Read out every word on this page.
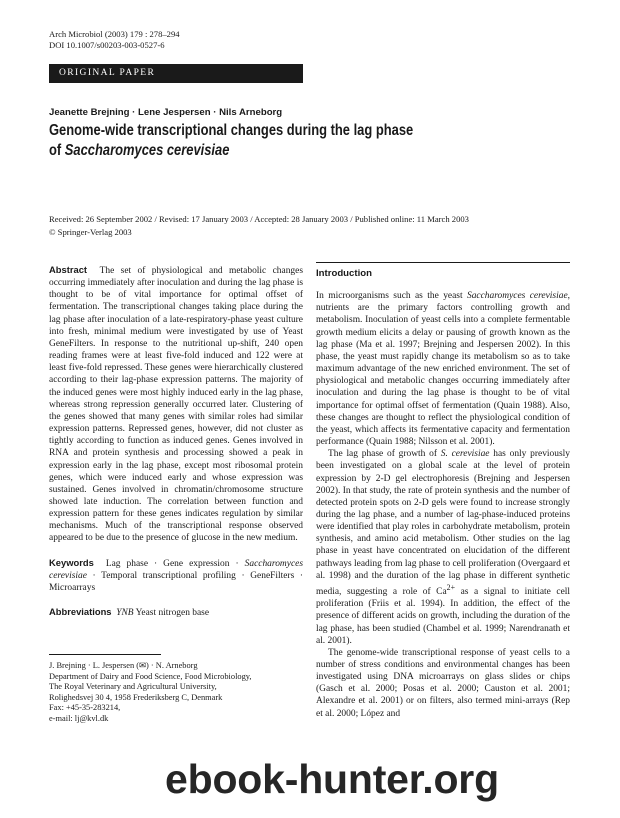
Arch Microbiol (2003) 179 : 278–294
DOI 10.1007/s00203-003-0527-6
ORIGINAL PAPER
Jeanette Brejning · Lene Jespersen · Nils Arneborg
Genome-wide transcriptional changes during the lag phase
of Saccharomyces cerevisiae
Received: 26 September 2002 / Revised: 17 January 2003 / Accepted: 28 January 2003 / Published online: 11 March 2003
© Springer-Verlag 2003

Abstract The set of physiological and metabolic changes occurring immediately after inoculation and during the lag phase is thought to be of vital importance for optimal offset of fermentation. The transcriptional changes taking place during the lag phase after inoculation of a late-respiratory-phase yeast culture into fresh, minimal medium were investigated by use of Yeast GeneFilters. In response to the nutritional up-shift, 240 open reading frames were at least five-fold induced and 122 were at least five-fold repressed. These genes were hierarchically clustered according to their lag-phase expression patterns. The majority of the induced genes were most highly induced early in the lag phase, whereas strong repression generally occurred later. Clustering of the genes showed that many genes with similar roles had similar expression patterns. Repressed genes, however, did not cluster as tightly according to function as induced genes. Genes involved in RNA and protein synthesis and processing showed a peak in expression early in the lag phase, except most ribosomal protein genes, which were induced early and whose expression was sustained. Genes involved in chromatin/chromosome structure showed late induction. The correlation between function and expression pattern for these genes indicates regulation by similar mechanisms. Much of the transcriptional response observed appeared to be due to the presence of glucose in the new medium.

Keywords Lag phase · Gene expression · Saccharomyces cerevisiae · Temporal transcriptional profiling · GeneFilters · Microarrays

Abbreviations YNB Yeast nitrogen base

J. Brejning · L. Jespersen (✉) · N. Arneborg
Department of Dairy and Food Science, Food Microbiology,
The Royal Veterinary and Agricultural University,
Rolighedsvej 30 4, 1958 Frederiksberg C, Denmark
Fax: +45-35-283214,
e-mail: lj@kvl.dk
Introduction

In microorganisms such as the yeast Saccharomyces cerevisiae, nutrients are the primary factors controlling growth and metabolism. Inoculation of yeast cells into a complete fermentable growth medium elicits a delay or pausing of growth known as the lag phase (Ma et al. 1997; Brejning and Jespersen 2002). In this phase, the yeast must rapidly change its metabolism so as to take maximum advantage of the new enriched environment. The set of physiological and metabolic changes occurring immediately after inoculation and during the lag phase is thought to be of vital importance for optimal offset of fermentation (Quain 1988). Also, these changes are thought to reflect the physiological condition of the yeast, which affects its fermentative capacity and fermentation performance (Quain 1988; Nilsson et al. 2001).

The lag phase of growth of S. cerevisiae has only previously been investigated on a global scale at the level of protein expression by 2-D gel electrophoresis (Brejning and Jespersen 2002). In that study, the rate of protein synthesis and the number of detected protein spots on 2-D gels were found to increase strongly during the lag phase, and a number of lag-phase-induced proteins were identified that play roles in carbohydrate metabolism, protein synthesis, and amino acid metabolism. Other studies on the lag phase in yeast have concentrated on elucidation of the different pathways leading from lag phase to cell proliferation (Overgaard et al. 1998) and the duration of the lag phase in different synthetic media, suggesting a role of $Ca^{2+}$ as a signal to initiate cell proliferation (Friis et al. 1994). In addition, the effect of the presence of different acids on growth, including the duration of the lag phase, has been studied (Chambel et al. 1999; Narendranath et al. 2001).

The genome-wide transcriptional response of yeast cells to a number of stress conditions and environmental changes has been investigated using DNA microarrays on glass slides or chips (Gasch et al. 2000; Posas et al. 2000; Causton et al. 2001; Alexandre et al. 2001) or on filters, also termed mini-arrays (Rep et al. 2000; López and

ebook-hunter.org
